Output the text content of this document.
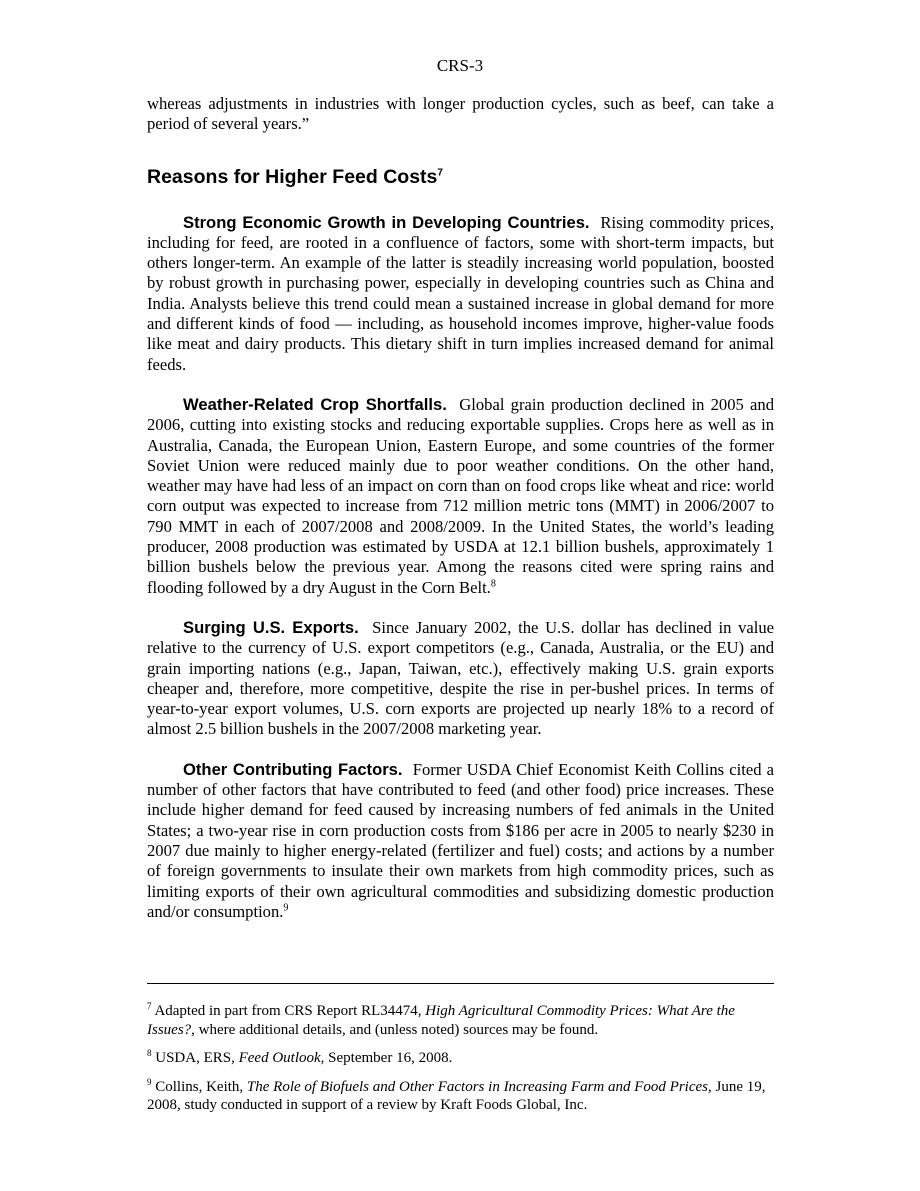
CRS-3

whereas adjustments in industries with longer production cycles, such as beef, can take a period of several years.”

Reasons for Higher Feed Costs$^7$

Strong Economic Growth in Developing Countries. Rising commodity prices, including for feed, are rooted in a confluence of factors, some with short-term impacts, but others longer-term. An example of the latter is steadily increasing world population, boosted by robust growth in purchasing power, especially in developing countries such as China and India. Analysts believe this trend could mean a sustained increase in global demand for more and different kinds of food — including, as household incomes improve, higher-value foods like meat and dairy products. This dietary shift in turn implies increased demand for animal feeds.

Weather-Related Crop Shortfalls. Global grain production declined in 2005 and 2006, cutting into existing stocks and reducing exportable supplies. Crops here as well as in Australia, Canada, the European Union, Eastern Europe, and some countries of the former Soviet Union were reduced mainly due to poor weather conditions. On the other hand, weather may have had less of an impact on corn than on food crops like wheat and rice: world corn output was expected to increase from 712 million metric tons (MMT) in 2006/2007 to 790 MMT in each of 2007/2008 and 2008/2009. In the United States, the world’s leading producer, 2008 production was estimated by USDA at 12.1 billion bushels, approximately 1 billion bushels below the previous year. Among the reasons cited were spring rains and flooding followed by a dry August in the Corn Belt.$^8$

Surging U.S. Exports. Since January 2002, the U.S. dollar has declined in value relative to the currency of U.S. export competitors (e.g., Canada, Australia, or the EU) and grain importing nations (e.g., Japan, Taiwan, etc.), effectively making U.S. grain exports cheaper and, therefore, more competitive, despite the rise in per-bushel prices. In terms of year-to-year export volumes, U.S. corn exports are projected up nearly 18% to a record of almost 2.5 billion bushels in the 2007/2008 marketing year.

Other Contributing Factors. Former USDA Chief Economist Keith Collins cited a number of other factors that have contributed to feed (and other food) price increases. These include higher demand for feed caused by increasing numbers of fed animals in the United States; a two-year rise in corn production costs from $186 per acre in 2005 to nearly $230 in 2007 due mainly to higher energy-related (fertilizer and fuel) costs; and actions by a number of foreign governments to insulate their own markets from high commodity prices, such as limiting exports of their own agricultural commodities and subsidizing domestic production and/or consumption.$^9$

$^7$ Adapted in part from CRS Report RL34474, High Agricultural Commodity Prices: What Are the Issues?, where additional details, and (unless noted) sources may be found.

$^8$ USDA, ERS, Feed Outlook, September 16, 2008.

$^9$ Collins, Keith, The Role of Biofuels and Other Factors in Increasing Farm and Food Prices, June 19, 2008, study conducted in support of a review by Kraft Foods Global, Inc.
